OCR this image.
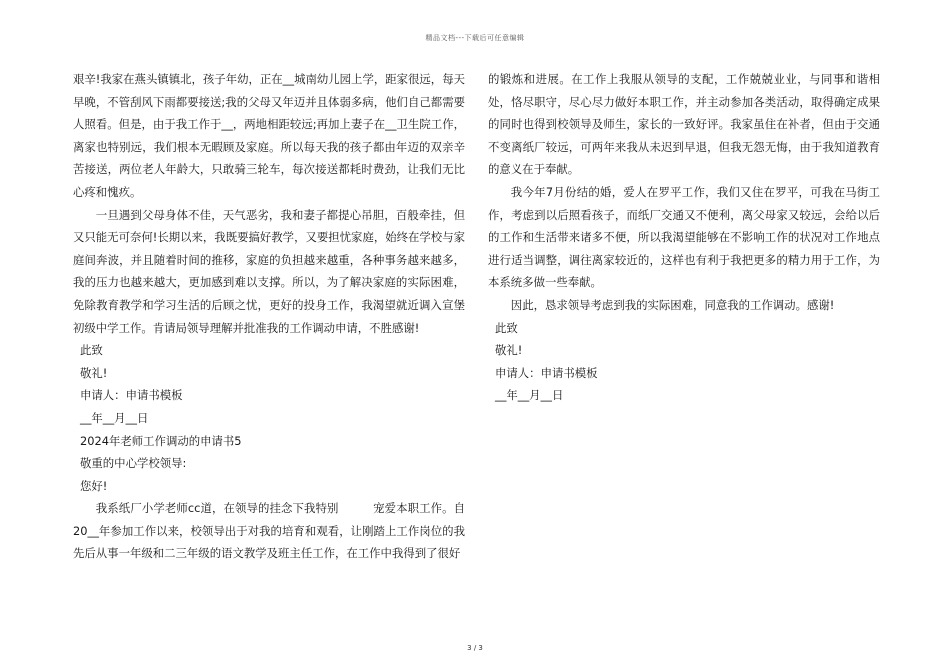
精品文档---下载后可任意编辑

艰辛!我家在燕头镇镇北，孩子年幼，正在__城南幼儿园上学，距家很远，每天早晚，不管刮风下雨都要接送;我的父母又年迈并且体弱多病，他们自己都需要人照看。但是，由于我工作于__，两地相距较远;再加上妻子在__卫生院工作，离家也特别远，我们根本无暇顾及家庭。所以每天我的孩子都由年迈的双亲辛苦接送，两位老人年龄大，只敢骑三轮车，每次接送都耗时费劲，让我们无比心疼和愧疚。

一旦遇到父母身体不佳，天气恶劣，我和妻子都提心吊胆，百般牵挂，但又只能无可奈何!长期以来，我既要搞好教学，又要担忧家庭，始终在学校与家庭间奔波，并且随着时间的推移，家庭的负担越来越重，各种事务越来越多，我的压力也越来越大，更加感到难以支撑。所以，为了解决家庭的实际困难，免除教育教学和学习生活的后顾之忧，更好的投身工作，我渴望就近调入宣堡初级中学工作。肯请局领导理解并批准我的工作调动申请，不胜感谢!

此致

敬礼!

申请人：申请书模板

__年__月__日

2024年老师工作调动的申请书5

敬重的中心学校领导:

您好!

我系纸厂小学老师cc道，在领导的挂念下我特别　　　宠爱本职工作。自20__年参加工作以来，校领导出于对我的培育和观看，让刚踏上工作岗位的我先后从事一年级和二三年级的语文教学及班主任工作，在工作中我得到了很好

的锻炼和进展。在工作上我服从领导的支配，工作兢兢业业，与同事和谐相处，恪尽职守，尽心尽力做好本职工作，并主动参加各类活动，取得确定成果的同时也得到校领导及师生，家长的一致好评。我家虽住在补者，但由于交通不变离纸厂较远，可两年来我从未迟到早退，但我无怨无悔，由于我知道教育的意义在于奉献。

我今年7月份结的婚，爱人在罗平工作，我们又住在罗平，可我在马街工作，考虑到以后照看孩子，而纸厂交通又不便利，离父母家又较远，会给以后的工作和生活带来诸多不便，所以我渴望能够在不影响工作的状况对工作地点进行适当调整，调往离家较近的，这样也有利于我把更多的精力用于工作，为本系统多做一些奉献。

因此，恳求领导考虑到我的实际困难，同意我的工作调动。感谢!

此致

敬礼!

申请人：申请书模板

__年__月__日

3 / 3
